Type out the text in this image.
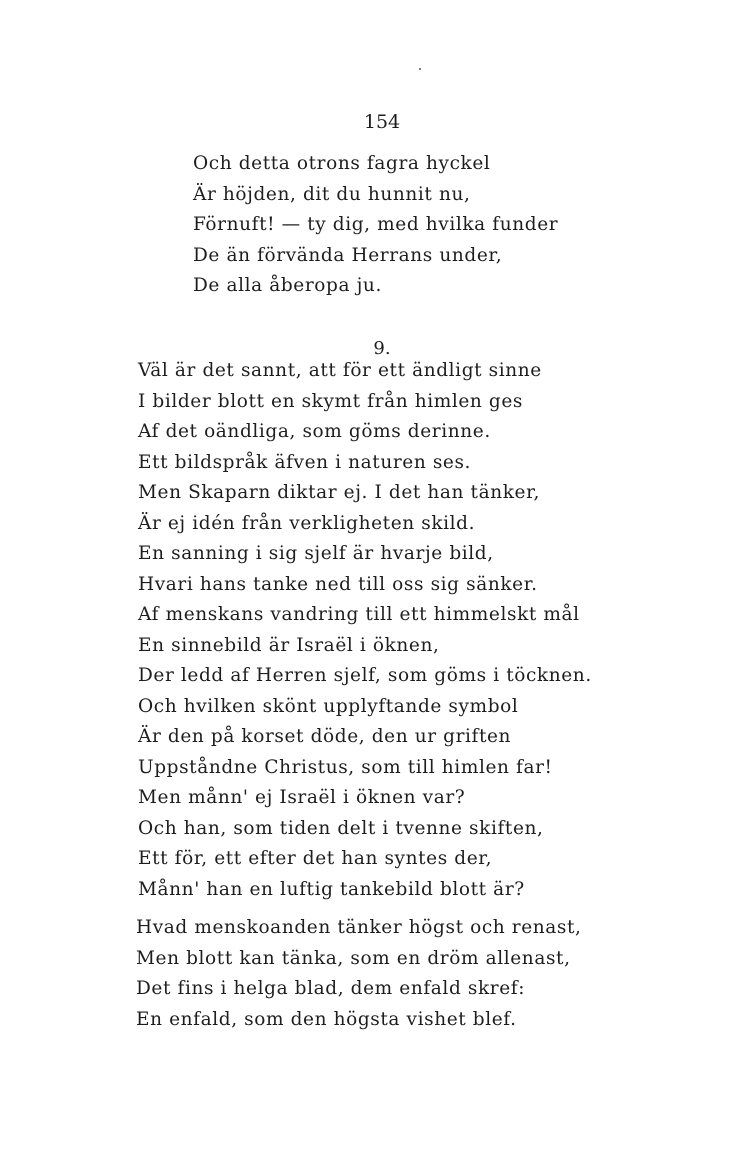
154
Och detta otrons fagra hyckel
Är höjden, dit du hunnit nu,
Förnuft! — ty dig, med hvilka funder
De än förvända Herrans under,
De alla åberopa ju.
9.
Väl är det sannt, att för ett ändligt sinne
I bilder blott en skymt från himlen ges
Af det oändliga, som göms derinne.
Ett bildspråk äfven i naturen ses.
Men Skaparn diktar ej. I det han tänker,
Är ej idén från verkligheten skild.
En sanning i sig sjelf är hvarje bild,
Hvari hans tanke ned till oss sig sänker.
Af menskans vandring till ett himmelskt mål
En sinnebild är Israël i öknen,
Der ledd af Herren sjelf, som göms i töcknen.
Och hvilken skönt upplyftande symbol
Är den på korset döde, den ur griften
Uppståndne Christus, som till himlen far!
Men månn' ej Israël i öknen var?
Och han, som tiden delt i tvenne skiften,
Ett för, ett efter det han syntes der,
Månn' han en luftig tankebild blott är?
Hvad menskoanden tänker högst och renast,
Men blott kan tänka, som en dröm allenast,
Det fins i helga blad, dem enfald skref:
En enfald, som den högsta vishet blef.
